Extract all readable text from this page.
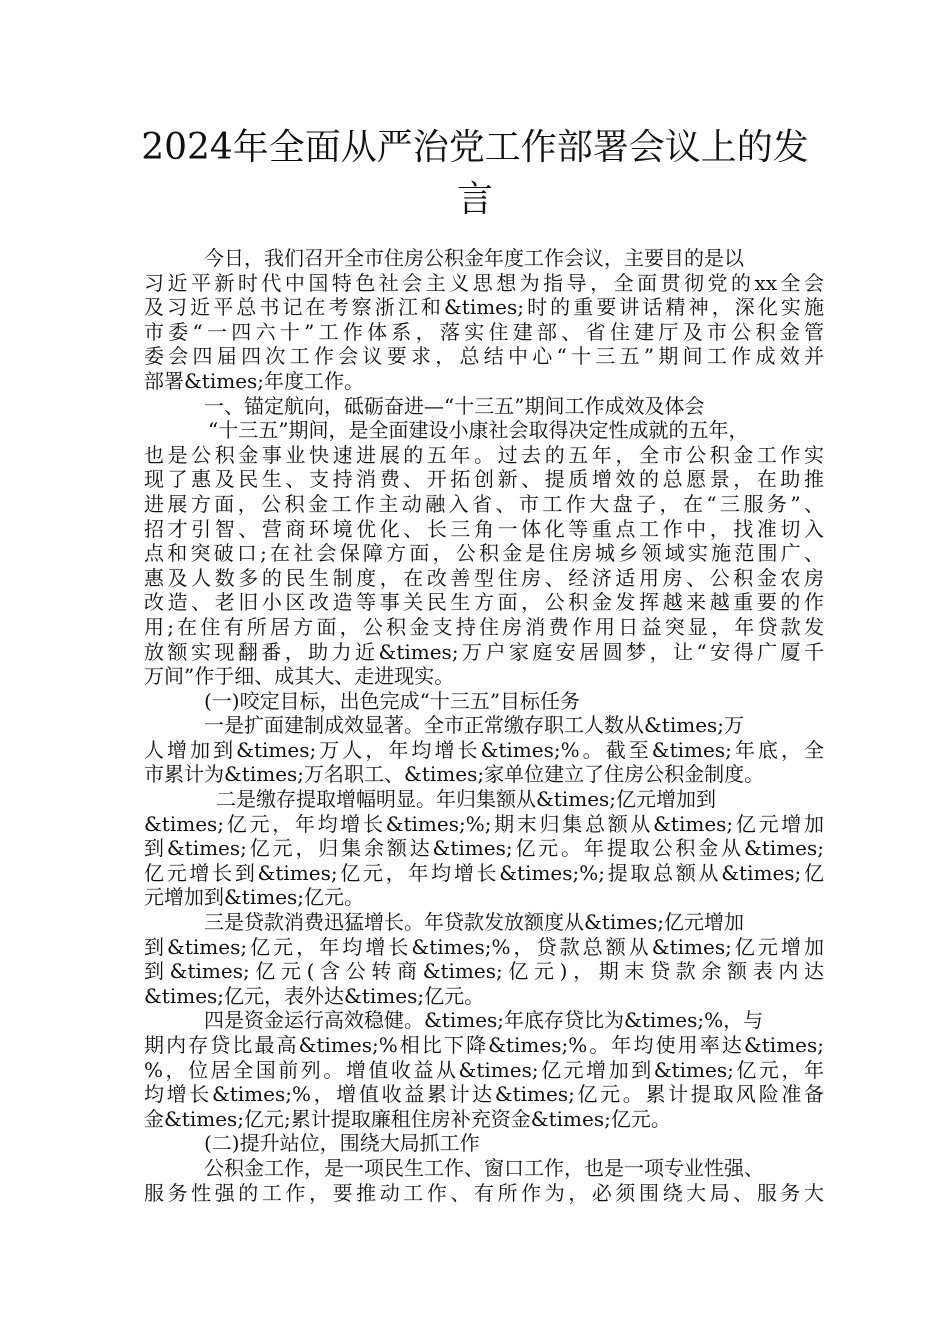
2024年全面从严治党工作部署会议上的发
言
今日，我们召开全市住房公积金年度工作会议，主要目的是以
习近平新时代中国特色社会主义思想为指导，全面贯彻党的xx全会
及习近平总书记在考察浙江和&times;时的重要讲话精神，深化实施
市委“一四六十”工作体系，落实住建部、省住建厅及市公积金管
委会四届四次工作会议要求，总结中心“十三五”期间工作成效并
部署&times;年度工作。
一、锚定航向，砥砺奋进—“十三五”期间工作成效及体会
“十三五”期间，是全面建设小康社会取得决定性成就的五年，
也是公积金事业快速进展的五年。过去的五年，全市公积金工作实
现了惠及民生、支持消费、开拓创新、提质增效的总愿景，在助推
进展方面，公积金工作主动融入省、市工作大盘子，在“三服务”、
招才引智、营商环境优化、长三角一体化等重点工作中，找准切入
点和突破口;在社会保障方面，公积金是住房城乡领域实施范围广、
惠及人数多的民生制度，在改善型住房、经济适用房、公积金农房
改造、老旧小区改造等事关民生方面，公积金发挥越来越重要的作
用;在住有所居方面，公积金支持住房消费作用日益突显，年贷款发
放额实现翻番，助力近&times;万户家庭安居圆梦，让“安得广厦千
万间”作于细、成其大、走进现实。
(一)咬定目标，出色完成“十三五”目标任务
一是扩面建制成效显著。全市正常缴存职工人数从&times;万
人增加到&times;万人，年均增长&times;%。截至&times;年底，全
市累计为&times;万名职工、&times;家单位建立了住房公积金制度。
二是缴存提取增幅明显。年归集额从&times;亿元增加到
&times;亿元，年均增长&times;%;期末归集总额从&times;亿元增加
到&times;亿元，归集余额达&times;亿元。年提取公积金从&times;
亿元增长到&times;亿元，年均增长&times;%;提取总额从&times;亿
元增加到&times;亿元。
三是贷款消费迅猛增长。年贷款发放额度从&times;亿元增加
到&times;亿元，年均增长&times;%，贷款总额从&times;亿元增加
到&times;亿元(含公转商&times;亿元)，期末贷款余额表内达
&times;亿元，表外达&times;亿元。
四是资金运行高效稳健。&times;年底存贷比为&times;%，与
期内存贷比最高&times;%相比下降&times;%。年均使用率达&times;
%，位居全国前列。增值收益从&times;亿元增加到&times;亿元，年
均增长&times;%，增值收益累计达&times;亿元。累计提取风险准备
金&times;亿元;累计提取廉租住房补充资金&times;亿元。
(二)提升站位，围绕大局抓工作
公积金工作，是一项民生工作、窗口工作，也是一项专业性强、
服务性强的工作，要推动工作、有所作为，必须围绕大局、服务大
